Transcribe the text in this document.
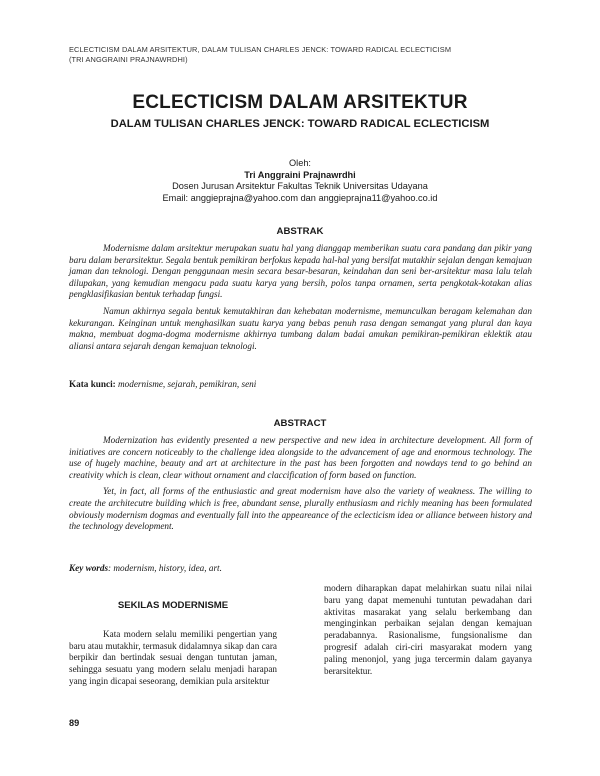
ECLECTICISM DALAM ARSITEKTUR, DALAM TULISAN CHARLES JENCK: TOWARD RADICAL ECLECTICISM
(TRI ANGGRAINI PRAJNAWRDHI)
ECLECTICISM DALAM ARSITEKTUR
DALAM TULISAN CHARLES JENCK: TOWARD RADICAL ECLECTICISM
Oleh:
Tri Anggraini Prajnawrdhi
Dosen Jurusan Arsitektur Fakultas Teknik Universitas Udayana
Email: anggieprajna@yahoo.com dan anggieprajna11@yahoo.co.id
ABSTRAK

Modernisme dalam arsitektur merupakan suatu hal yang dianggap memberikan suatu cara pandang dan pikir yang baru dalam berarsitektur. Segala bentuk pemikiran berfokus kepada hal-hal yang bersifat mutakhir sejalan dengan kemajuan jaman dan teknologi. Dengan penggunaan mesin secara besar-besaran, keindahan dan seni ber-arsitektur masa lalu telah dilupakan, yang kemudian mengacu pada suatu karya yang bersih, polos tanpa ornamen, serta pengkotak-kotakan alias pengklasifikasian bentuk terhadap fungsi.

Namun akhirnya segala bentuk kemutakhiran dan kehebatan modernisme, memunculkan beragam kelemahan dan kekurangan. Keinginan untuk menghasilkan suatu karya yang bebas penuh rasa dengan semangat yang plural dan kaya makna, membuat dogma-dogma modernisme akhirnya tumbang dalam badai amukan pemikiran-pemikiran eklektik atau aliansi antara sejarah dengan kemajuan teknologi.

Kata kunci: modernisme, sejarah, pemikiran, seni
ABSTRACT

Modernization has evidently presented a new perspective and new idea in architecture development. All form of initiatives are concern noticeably to the challenge idea alongside to the advancement of age and enormous technology. The use of hugely machine, beauty and art at architecture in the past has been forgotten and nowdays tend to go behind an creativity which is clean, clear without ornament and claccification of form based on function.

Yet, in fact, all forms of the enthusiastic and great modernism have also the variety of weakness. The willing to create the architecutre building which is free, abundant sense, plurally enthusiasm and richly meaning has been formulated obviously modernism dogmas and eventually fall into the appeareance of the eclecticism idea or alliance between history and the technology development.

Key words: modernism, history, idea, art.

SEKILAS MODERNISME

Kata modern selalu memiliki pengertian yang baru atau mutakhir, termasuk didalamnya sikap dan cara berpikir dan bertindak sesuai dengan tuntutan jaman, sehingga sesuatu yang modern selalu menjadi harapan yang ingin dicapai seseorang, demikian pula arsitektur

modern diharapkan dapat melahirkan suatu nilai nilai baru yang dapat memenuhi tuntutan pewadahan dari aktivitas masarakat yang selalu berkembang dan menginginkan perbaikan sejalan dengan kemajuan peradabannya. Rasionalisme, fungsionalisme dan progresif adalah ciri-ciri masyarakat modern yang paling menonjol, yang juga tercermin dalam gayanya berarsitektur.

89
